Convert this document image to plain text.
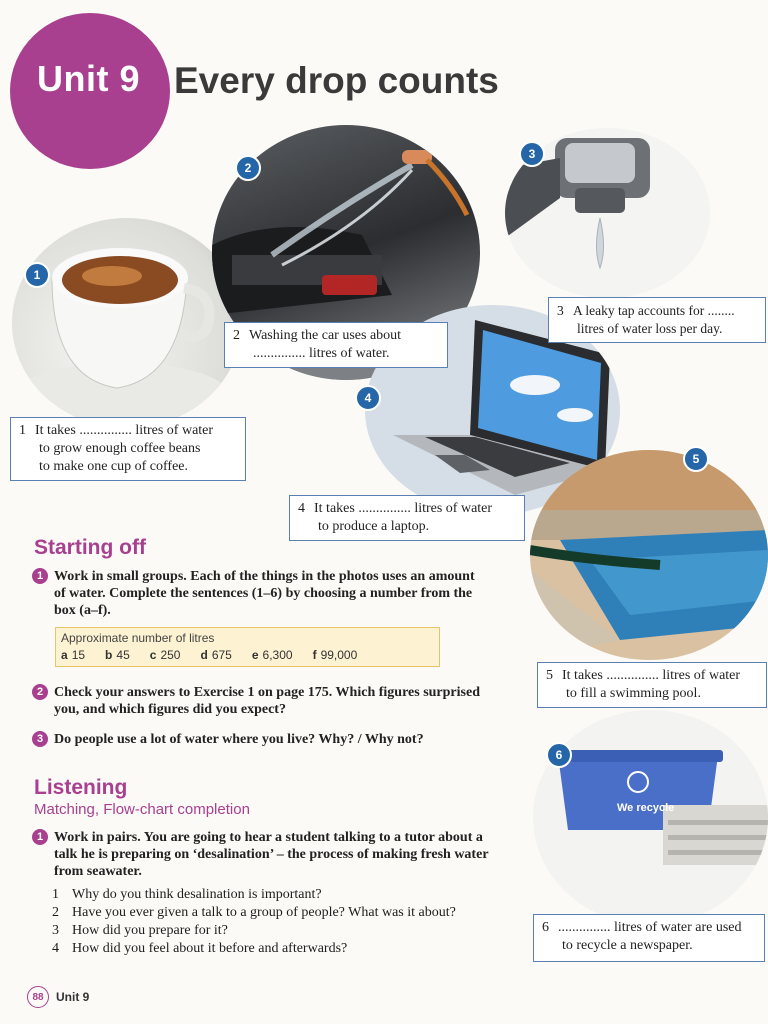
Unit 9 Every drop counts
1
2
3
4
5
We recycle
6
1 It takes ............... litres of water
to grow enough coffee beans
to make one cup of coffee.
2 Washing the car uses about
............... litres of water.
3 A leaky tap accounts for ........
litres of water loss per day.
4 It takes ............... litres of water
to produce a laptop.
5 It takes ............... litres of water
to fill a swimming pool.
6 ............... litres of water are used
to recycle a newspaper.
Starting off
1 Work in small groups. Each of the things in the photos uses an amount of water. Complete the sentences (1–6) by choosing a number from the box (a–f).
Approximate number of litres
a 15 b 45 c 250 d 675 e 6,300 f 99,000
2 Check your answers to Exercise 1 on page 175. Which figures surprised you, and which figures did you expect?
3 Do people use a lot of water where you live? Why? / Why not?
Listening
Matching, Flow-chart completion
1 Work in pairs. You are going to hear a student talking to a tutor about a talk he is preparing on ‘desalination’ – the process of making fresh water from seawater.
1 Why do you think desalination is important?
2 Have you ever given a talk to a group of people? What was it about?
3 How did you prepare for it?
4 How did you feel about it before and afterwards?
88	Unit 9
